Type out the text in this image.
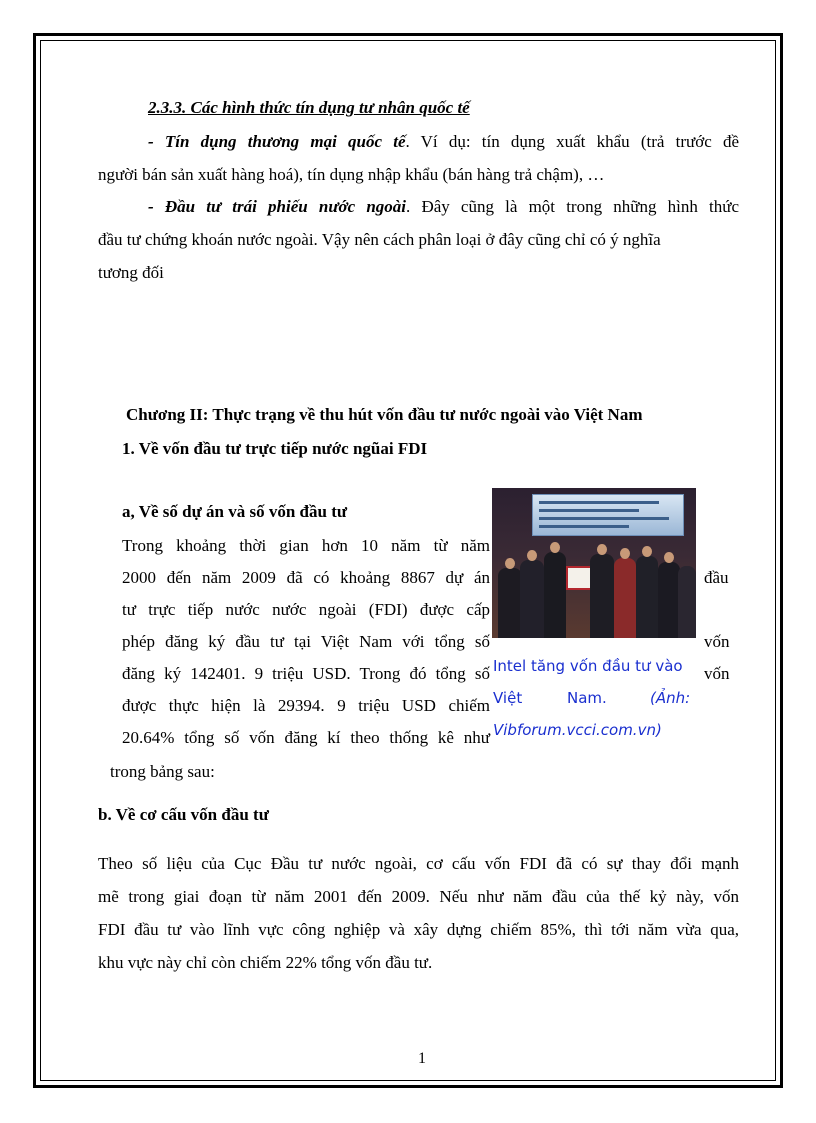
2.3.3. Các hình thức tín dụng tư nhân quốc tế
- Tín dụng thương mại quốc tế. Ví dụ: tín dụng xuất khẩu (trả trước đề
người bán sản xuất hàng hoá), tín dụng nhập khẩu (bán hàng trả chậm), …
- Đầu tư trái phiếu nước ngoài. Đây cũng là một trong những hình thức
đầu tư chứng khoán nước ngoài. Vậy nên cách phân loại ở đây cũng chỉ có ý nghĩa
tương đối
Chương II: Thực trạng về thu hút vốn đầu tư nước ngoài vào Việt Nam
1. Về vốn đầu tư trực tiếp nước ngũai FDI
a, Về số dự án và số vốn đầu tư
Trong khoảng thời gian hơn 10 năm từ năm
2000 đến năm 2009 đã có khoảng 8867 dự án
tư trực tiếp nước nước ngoài (FDI) được cấp
phép đăng ký đầu tư tại Việt Nam với tổng số
đăng ký 142401. 9 triệu USD. Trong đó tổng số
được thực hiện là 29394. 9 triệu USD chiếm
20.64% tổng số vốn đăng kí theo thống kê như
trong bảng sau:
đầu
vốn
vốn
Intel tăng vốn đầu tư vào
Việt	Nam.	(Ảnh:
Vibforum.vcci.com.vn)
b. Về cơ cấu vốn đầu tư
Theo số liệu của Cục Đầu tư nước ngoài, cơ cấu vốn FDI đã có sự thay đổi mạnh
mẽ trong giai đoạn từ năm 2001 đến 2009. Nếu như năm đầu của thế kỷ này, vốn
FDI đầu tư vào lĩnh vực công nghiệp và xây dựng chiếm 85%, thì tới năm vừa qua,
khu vực này chỉ còn chiếm 22% tổng vốn đầu tư.
1
